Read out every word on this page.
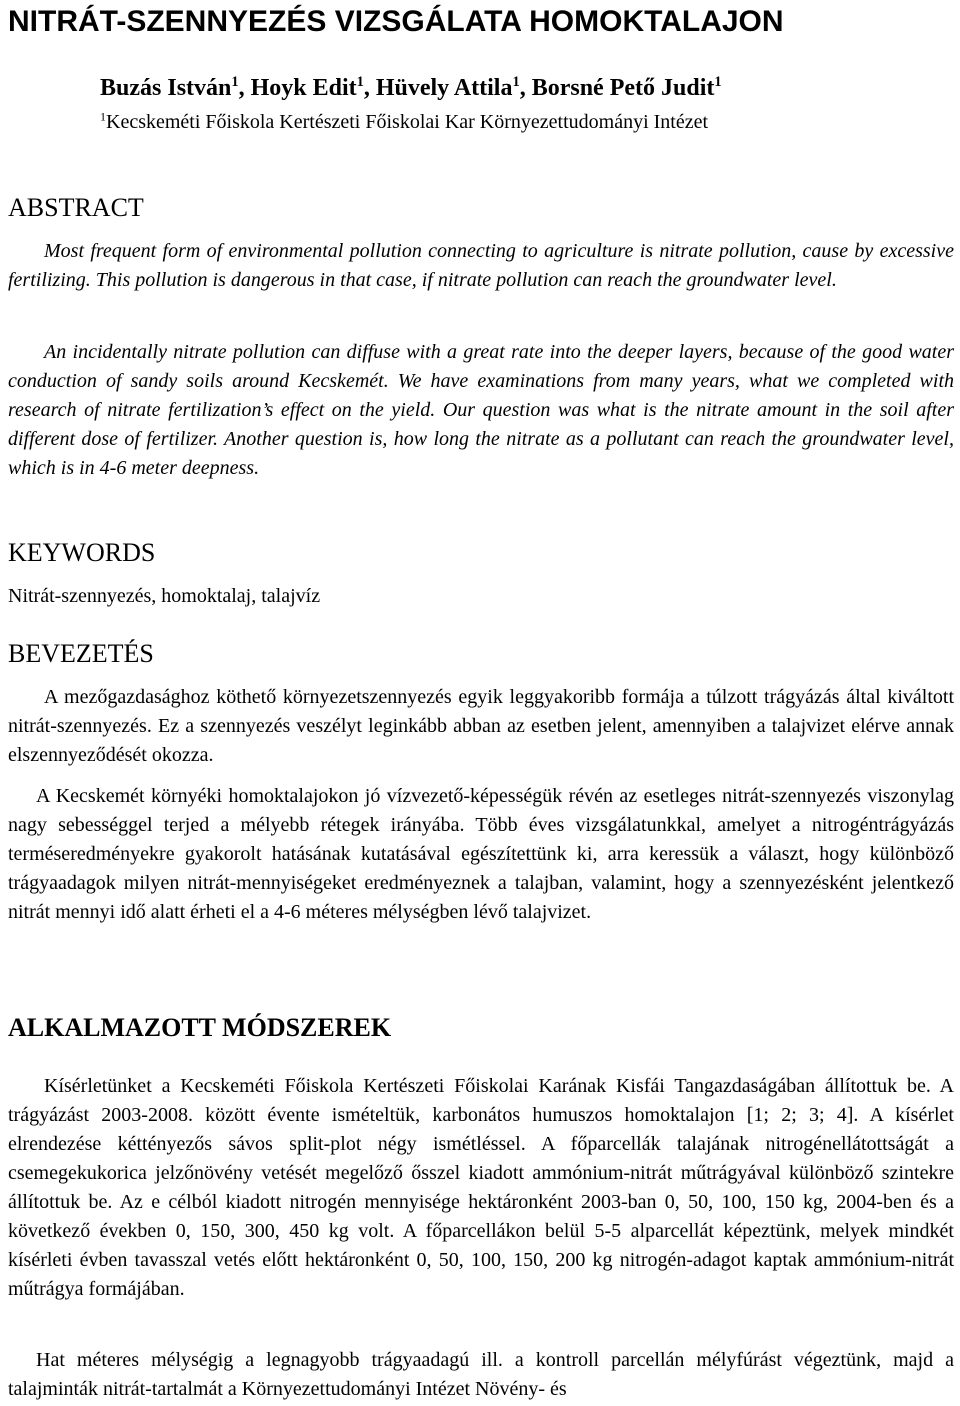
NITRÁT-SZENNYEZÉS VIZSGÁLATA HOMOKTALAJON
Buzás István$^1$, Hoyk Edit$^1$, Hüvely Attila$^1$, Borsné Pető Judit$^1$
$^1$Kecskeméti Főiskola Kertészeti Főiskolai Kar Környezettudományi Intézet
ABSTRACT

Most frequent form of environmental pollution connecting to agriculture is nitrate pollution, cause by excessive fertilizing. This pollution is dangerous in that case, if nitrate pollution can reach the groundwater level.

An incidentally nitrate pollution can diffuse with a great rate into the deeper layers, because of the good water conduction of sandy soils around Kecskemét. We have examinations from many years, what we completed with research of nitrate fertilization’s effect on the yield. Our question was what is the nitrate amount in the soil after different dose of fertilizer. Another question is, how long the nitrate as a pollutant can reach the groundwater level, which is in 4-6 meter deepness.

KEYWORDS
Nitrát-szennyezés, homoktalaj, talajvíz
BEVEZETÉS

A mezőgazdasághoz köthető környezetszennyezés egyik leggyakoribb formája a túlzott trágyázás által kiváltott nitrát-szennyezés. Ez a szennyezés veszélyt leginkább abban az esetben jelent, amennyiben a talajvizet elérve annak elszennyeződését okozza.

A Kecskemét környéki homoktalajokon jó vízvezető-képességük révén az esetleges nitrát-szennyezés viszonylag nagy sebességgel terjed a mélyebb rétegek irányába. Több éves vizsgálatunkkal, amelyet a nitrogéntrágyázás terméseredményekre gyakorolt hatásának kutatásával egészítettünk ki, arra keressük a választ, hogy különböző trágyaadagok milyen nitrát-mennyiségeket eredményeznek a talajban, valamint, hogy a szennyezésként jelentkező nitrát mennyi idő alatt érheti el a 4-6 méteres mélységben lévő talajvizet.

ALKALMAZOTT MÓDSZEREK

Kísérletünket a Kecskeméti Főiskola Kertészeti Főiskolai Karának Kisfái Tangazdaságában állítottuk be. A trágyázást 2003-2008. között évente ismételtük, karbonátos humuszos homoktalajon [1; 2; 3; 4]. A kísérlet elrendezése kéttényezős sávos split-plot négy ismétléssel. A főparcellák talajának nitrogénellátottságát a csemegekukorica jelzőnövény vetését megelőző ősszel kiadott ammónium-nitrát műtrágyával különböző szintekre állítottuk be. Az e célból kiadott nitrogén mennyisége hektáronként 2003-ban 0, 50, 100, 150 kg, 2004-ben és a következő években 0, 150, 300, 450 kg volt. A főparcellákon belül 5-5 alparcellát képeztünk, melyek mindkét kísérleti évben tavasszal vetés előtt hektáronként 0, 50, 100, 150, 200 kg nitrogén-adagot kaptak ammónium-nitrát műtrágya formájában.

Hat méteres mélységig a legnagyobb trágyaadagú ill. a kontroll parcellán mélyfúrást végeztünk, majd a talajminták nitrát-tartalmát a Környezettudományi Intézet Növény- és
